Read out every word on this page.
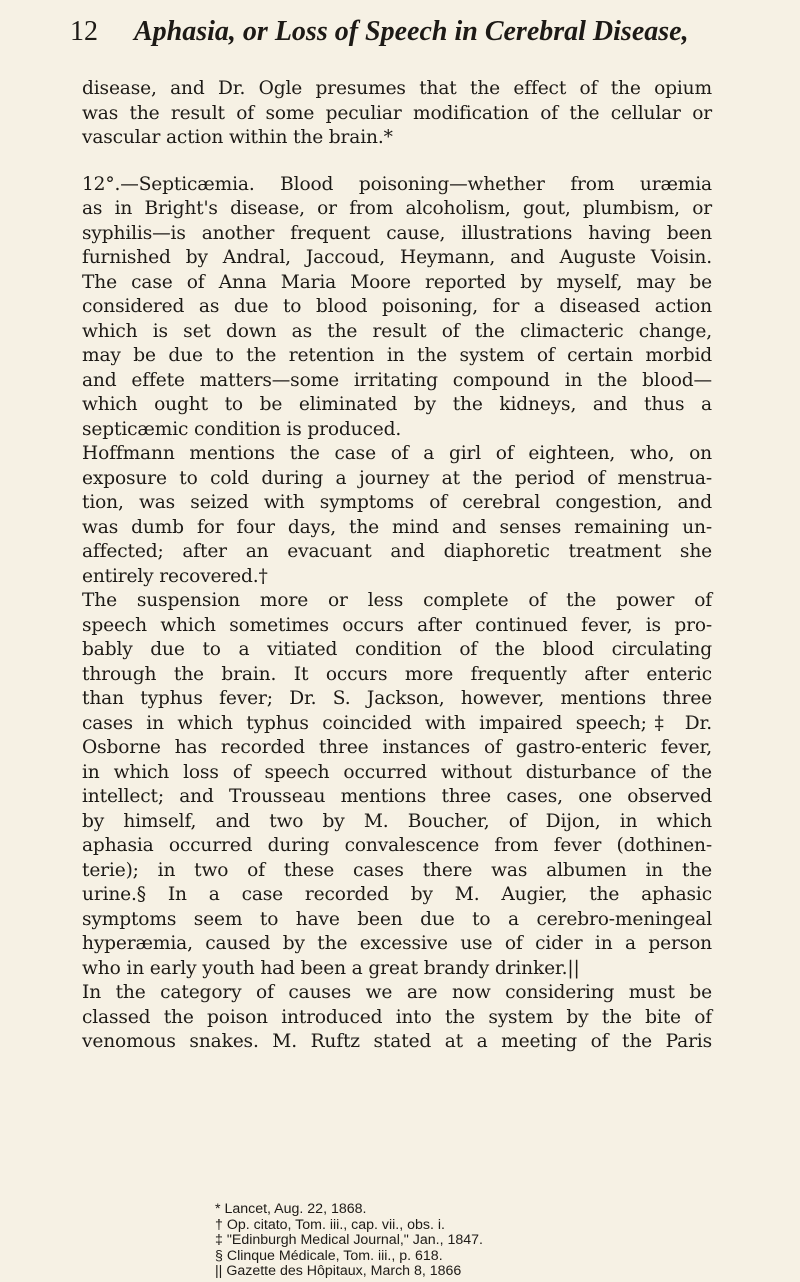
12 Aphasia, or Loss of Speech in Cerebral Disease,

disease, and Dr. Ogle presumes that the effect of the opium
was the result of some peculiar modification of the cellular or
vascular action within the brain.*

12°.—Septicæmia. Blood poisoning—whether from uræmia
as in Bright's disease, or from alcoholism, gout, plumbism, or
syphilis—is another frequent cause, illustrations having been
furnished by Andral, Jaccoud, Heymann, and Auguste Voisin.
The case of Anna Maria Moore reported by myself, may be
considered as due to blood poisoning, for a diseased action
which is set down as the result of the climacteric change,
may be due to the retention in the system of certain morbid
and effete matters—some irritating compound in the blood—
which ought to be eliminated by the kidneys, and thus a
septicæmic condition is produced.

Hoffmann mentions the case of a girl of eighteen, who, on
exposure to cold during a journey at the period of menstrua-
tion, was seized with symptoms of cerebral congestion, and
was dumb for four days, the mind and senses remaining un-
affected; after an evacuant and diaphoretic treatment she
entirely recovered.†

The suspension more or less complete of the power of
speech which sometimes occurs after continued fever, is pro-
bably due to a vitiated condition of the blood circulating
through the brain. It occurs more frequently after enteric
than typhus fever; Dr. S. Jackson, however, mentions three
cases in which typhus coincided with impaired speech;‡ Dr.
Osborne has recorded three instances of gastro-enteric fever,
in which loss of speech occurred without disturbance of the
intellect; and Trousseau mentions three cases, one observed
by himself, and two by M. Boucher, of Dijon, in which
aphasia occurred during convalescence from fever (dothinen-
terie); in two of these cases there was albumen in the
urine.§ In a case recorded by M. Augier, the aphasic
symptoms seem to have been due to a cerebro-meningeal
hyperæmia, caused by the excessive use of cider in a person
who in early youth had been a great brandy drinker.||

In the category of causes we are now considering must be
classed the poison introduced into the system by the bite of
venomous snakes. M. Ruftz stated at a meeting of the Paris

* Lancet, Aug. 22, 1868.
† Op. citato, Tom. iii., cap. vii., obs. i.
‡ "Edinburgh Medical Journal," Jan., 1847.
§ Clinque Médicale, Tom. iii., p. 618.
|| Gazette des Hôpitaux, March 8, 1866
